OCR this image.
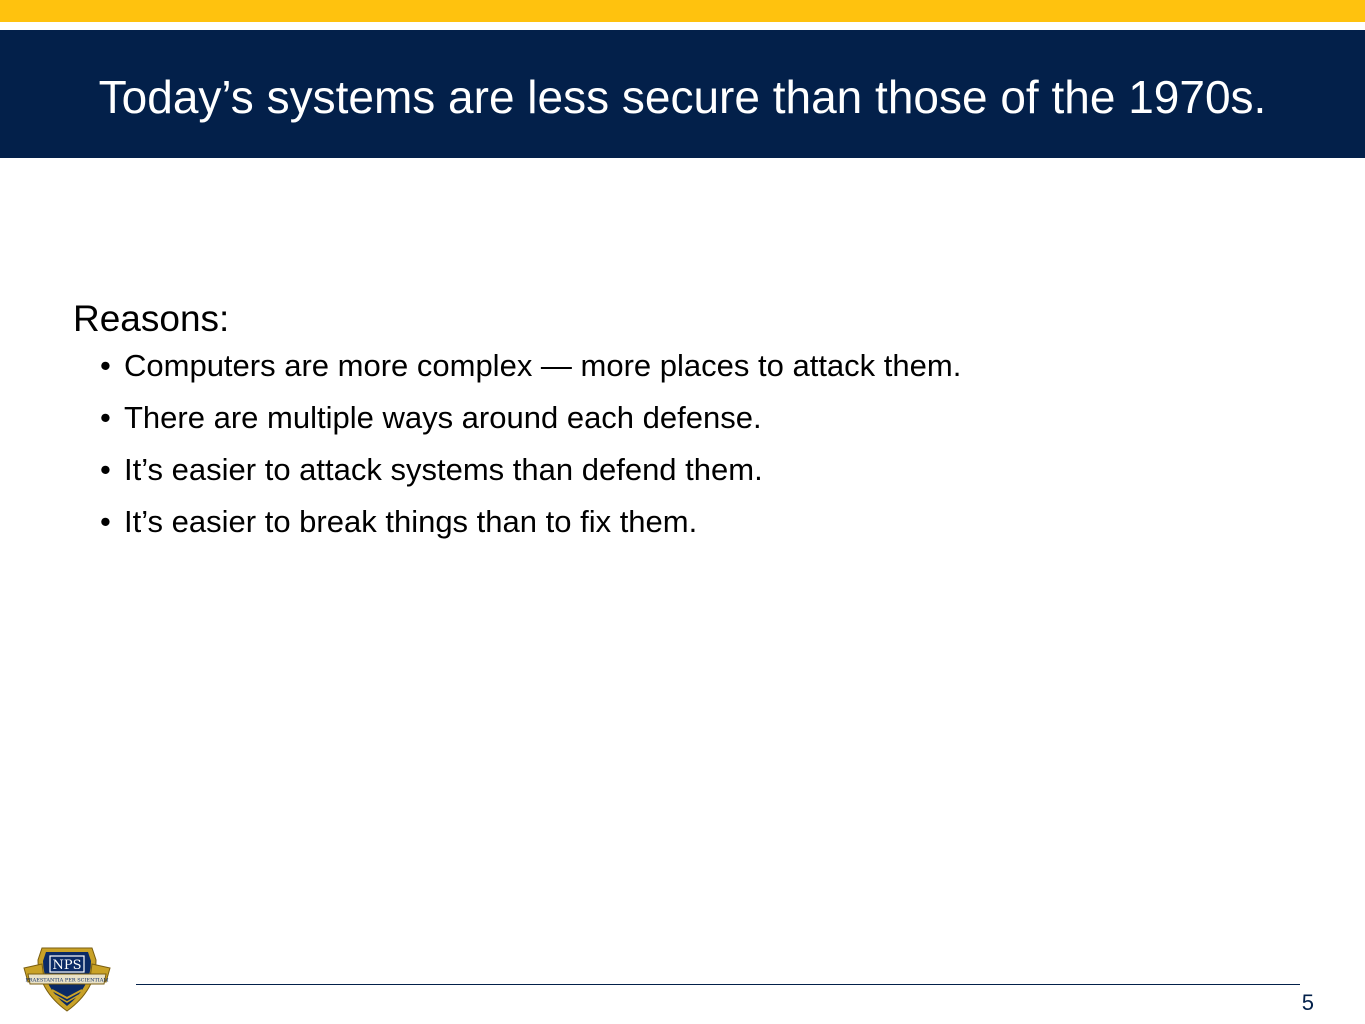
Today’s systems are less secure than those of the 1970s.

Reasons:

• Computers are more complex — more places to attack them.
• There are multiple ways around each defense.
• It’s easier to attack systems than defend them.
• It’s easier to break things than to fix them.
PRAESTANTIA PER SCIENTIAM
NPS
5
